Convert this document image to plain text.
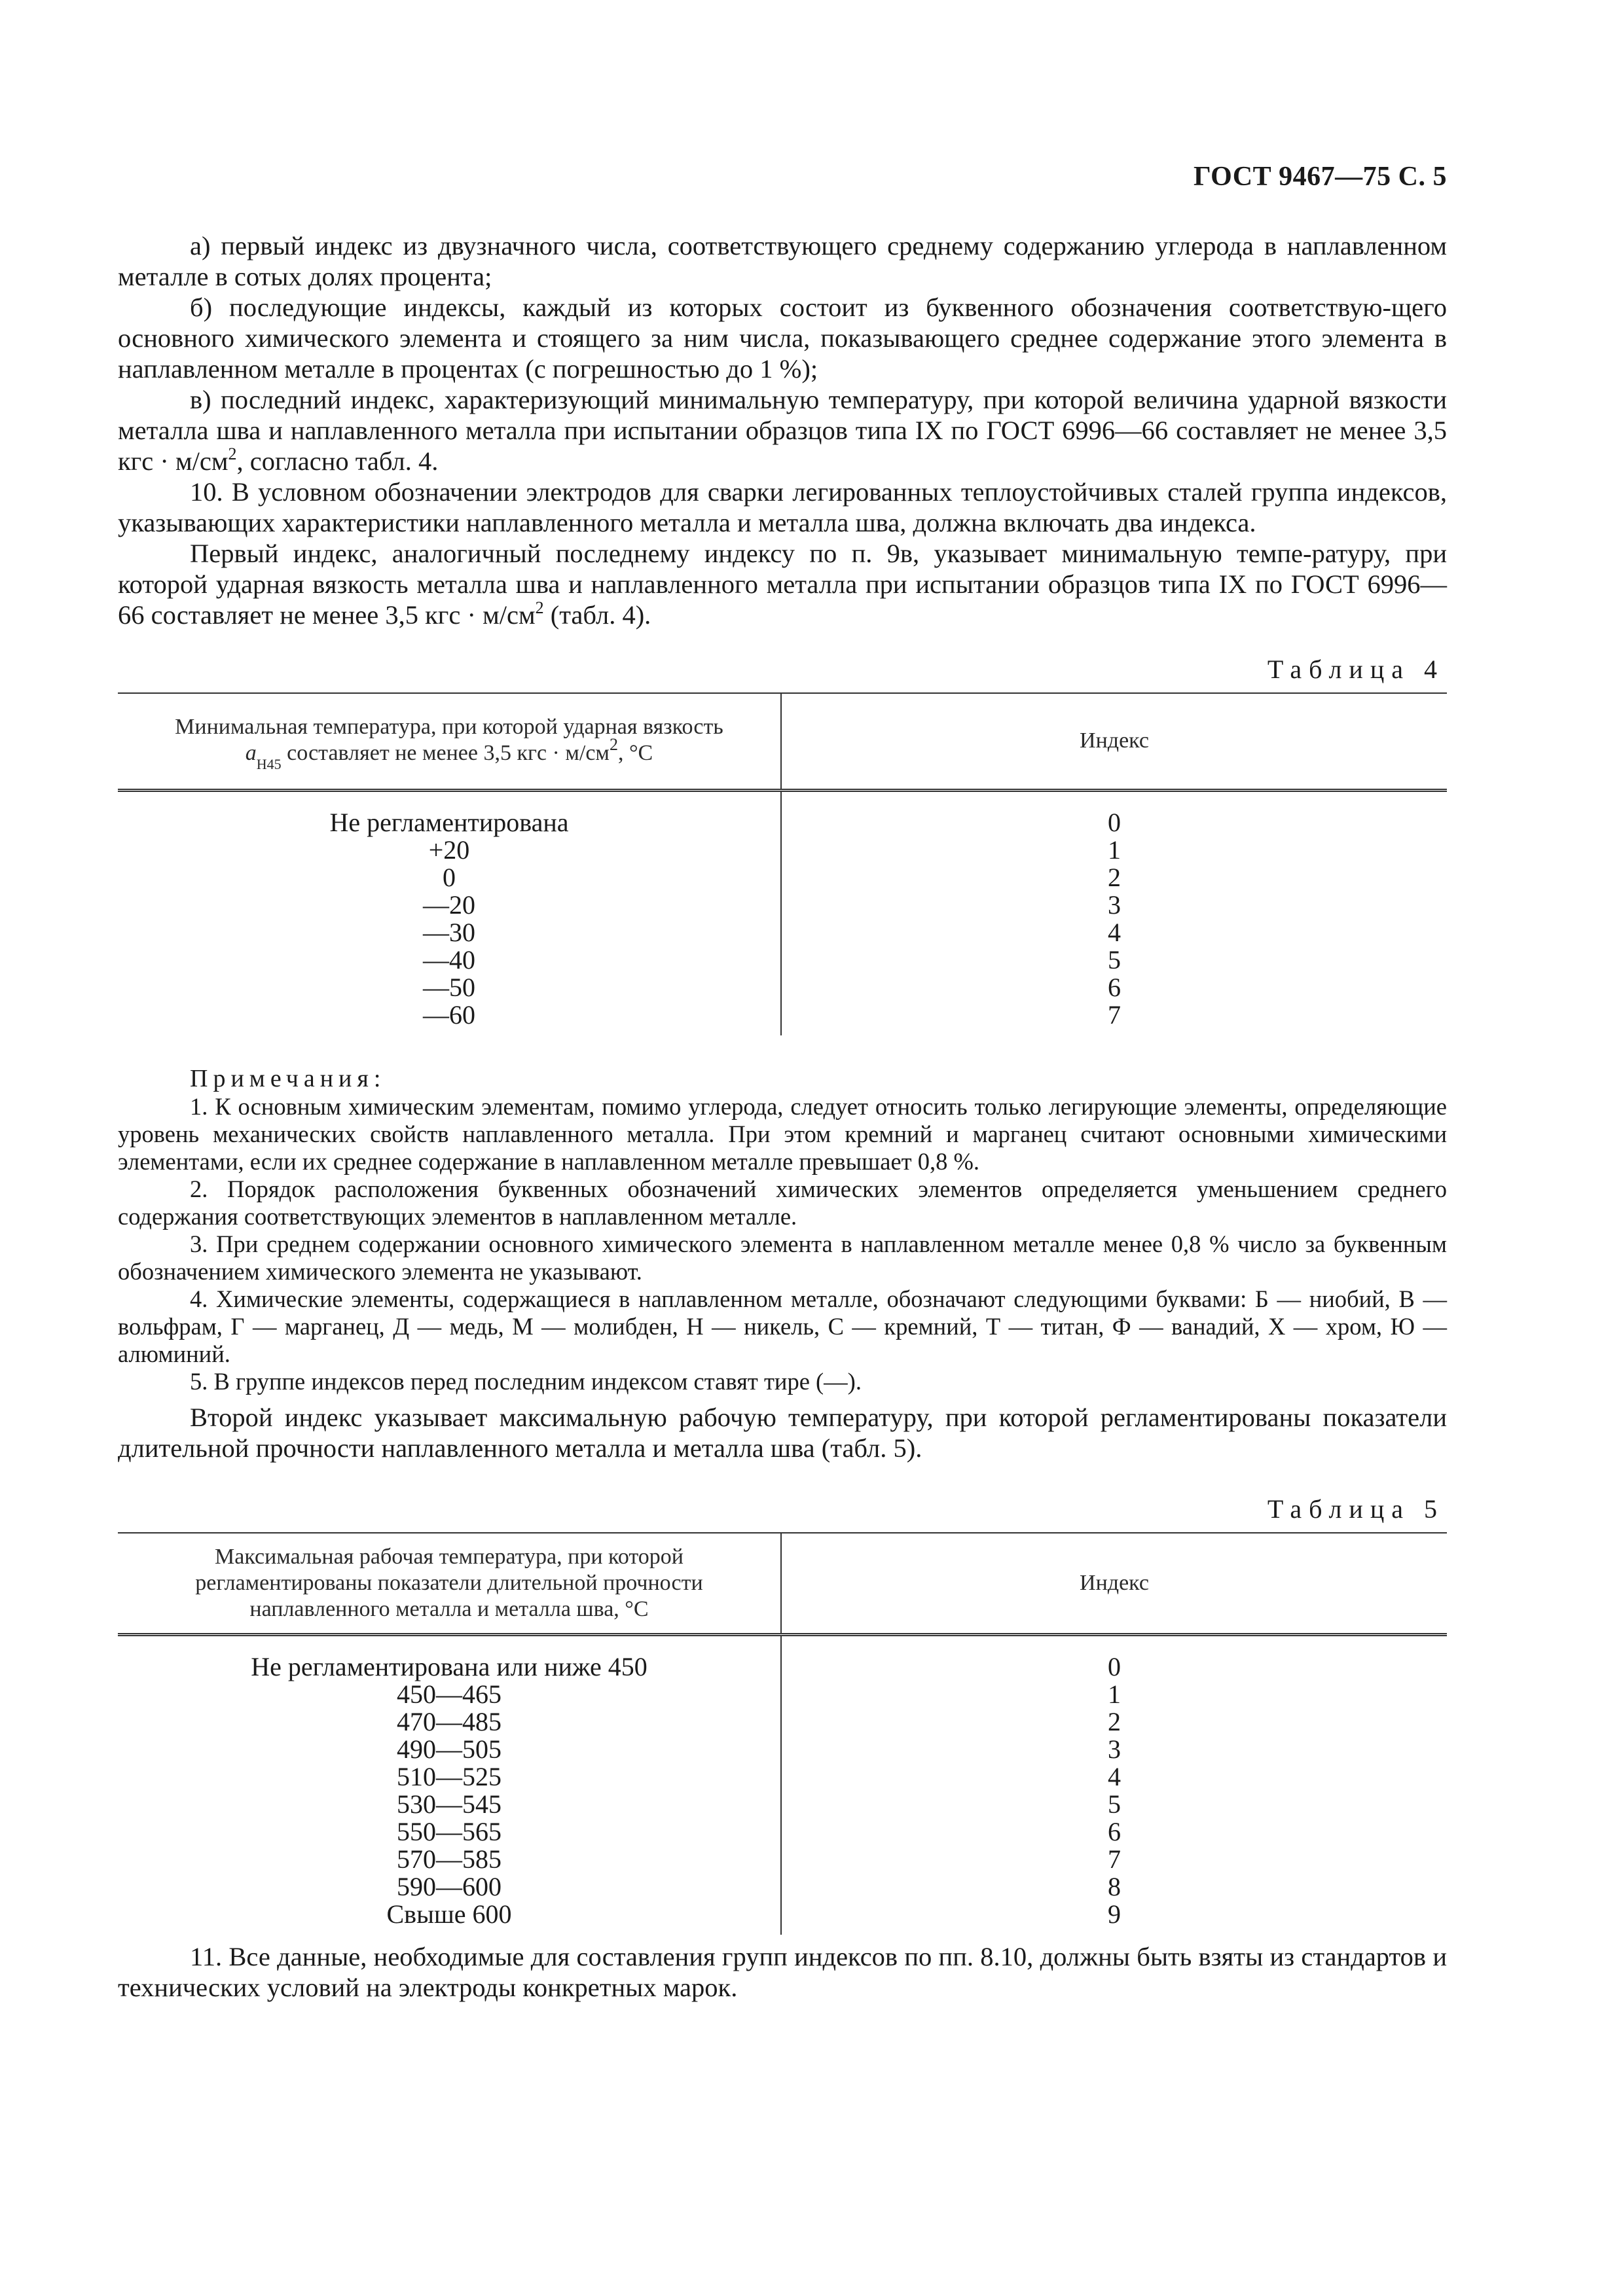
ГОСТ 9467—75 С. 5

а) первый индекс из двузначного числа, соответствующего среднему содержанию углерода в наплавленном металле в сотых долях процента;

б) последующие индексы, каждый из которых состоит из буквенного обозначения соответствую-щего основного химического элемента и стоящего за ним числа, показывающего среднее содержание этого элемента в наплавленном металле в процентах (с погрешностью до 1 %);

в) последний индекс, характеризующий минимальную температуру, при которой величина ударной вязкости металла шва и наплавленного металла при испытании образцов типа IX по ГОСТ 6996—66 составляет не менее 3,5 кгс · $м/см^2$, согласно табл. 4.

10. В условном обозначении электродов для сварки легированных теплоустойчивых сталей группа индексов, указывающих характеристики наплавленного металла и металла шва, должна включать два индекса.

Первый индекс, аналогичный последнему индексу по п. 9в, указывает минимальную темпе-ратуру, при которой ударная вязкость металла шва и наплавленного металла при испытании образцов типа IX по ГОСТ 6996—66 составляет не менее 3,5 кгс · $м/см^2$ (табл. 4).

Таблица 4

Минимальная температура, при которой ударная вязкость
$a_{Н45}$ составляет не менее 3,5 кгс · $м/см^2$, °С	Индекс
Не регламентирована	0
+20	1
0	2
—20	3
—30	4
—40	5
—50	6
—60	7

Примечания:

1. К основным химическим элементам, помимо углерода, следует относить только легирующие элементы, определяющие уровень механических свойств наплавленного металла. При этом кремний и марганец считают основными химическими элементами, если их среднее содержание в наплавленном металле превышает 0,8 %.

2. Порядок расположения буквенных обозначений химических элементов определяется уменьшением среднего содержания соответствующих элементов в наплавленном металле.

3. При среднем содержании основного химического элемента в наплавленном металле менее 0,8 % число за буквенным обозначением химического элемента не указывают.

4. Химические элементы, содержащиеся в наплавленном металле, обозначают следующими буквами: Б — ниобий, В — вольфрам, Г — марганец, Д — медь, М — молибден, Н — никель, С — кремний, Т — титан, Ф — ванадий, Х — хром, Ю — алюминий.

5. В группе индексов перед последним индексом ставят тире (—).

Второй индекс указывает максимальную рабочую температуру, при которой регламентированы показатели длительной прочности наплавленного металла и металла шва (табл. 5).

Таблица 5

Максимальная рабочая температура, при которой регламентированы показатели длительной прочности наплавленного металла и металла шва, °С	Индекс
Не регламентирована или ниже 450	0
450—465	1
470—485	2
490—505	3
510—525	4
530—545	5
550—565	6
570—585	7
590—600	8
Свыше 600	9

11. Все данные, необходимые для составления групп индексов по пп. 8.10, должны быть взяты из стандартов и технических условий на электроды конкретных марок.
